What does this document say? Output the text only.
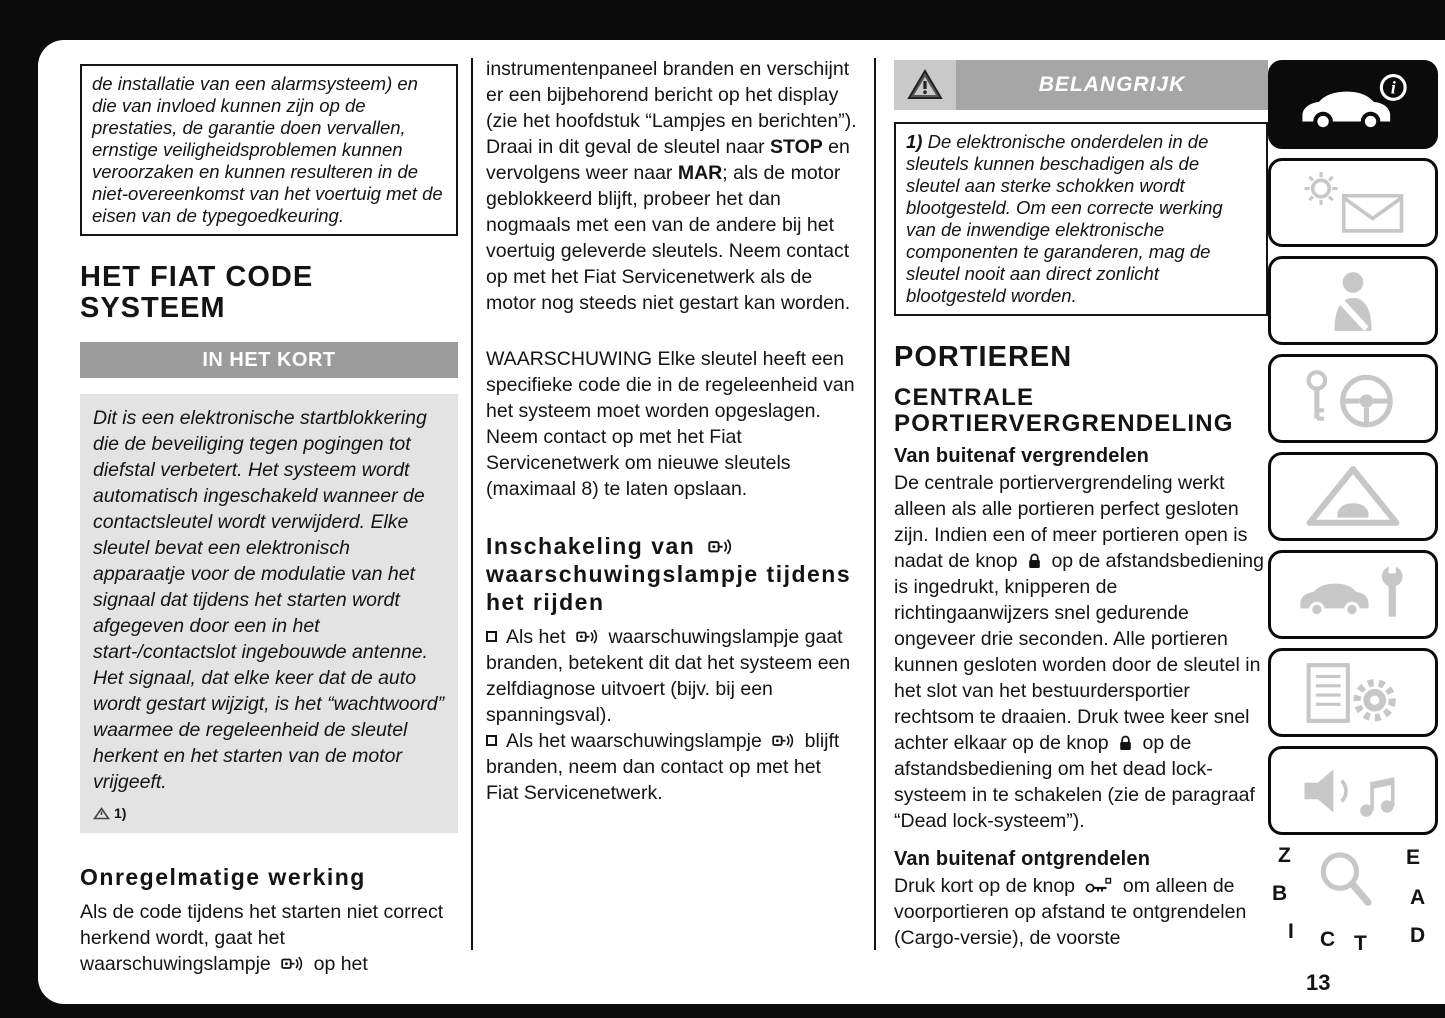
de installatie van een alarmsysteem) en die van invloed kunnen zijn op de prestaties, de garantie doen vervallen, ernstige veiligheidsproblemen kunnen veroorzaken en kunnen resulteren in de niet-overeenkomst van het voertuig met de eisen van de typegoedkeuring.
HET FIAT CODE SYSTEEM
IN HET KORT
Dit is een elektronische startblokkering die de beveiliging tegen pogingen tot diefstal verbetert. Het systeem wordt automatisch ingeschakeld wanneer de contactsleutel wordt verwijderd. Elke sleutel bevat een elektronisch apparaatje voor de modulatie van het signaal dat tijdens het starten wordt afgegeven door een in het start-/contactslot ingebouwde antenne. Het signaal, dat elke keer dat de auto wordt gestart wijzigt, is het “wachtwoord” waarmee de regeleenheid de sleutel herkent en het starten van de motor vrijgeeft.
1)
Onregelmatige werking

Als de code tijdens het starten niet correct herkend wordt, gaat het waarschuwingslampje op het

instrumentenpaneel branden en verschijnt er een bijbehorend bericht op het display (zie het hoofdstuk “Lampjes en berichten”).

Draai in dit geval de sleutel naar STOP en vervolgens weer naar MAR; als de motor geblokkeerd blijft, probeer het dan nogmaals met een van de andere bij het voertuig geleverde sleutels. Neem contact op met het Fiat Servicenetwerk als de motor nog steeds niet gestart kan worden.

WAARSCHUWING Elke sleutel heeft een specifieke code die in de regeleenheid van het systeem moet worden opgeslagen. Neem contact op met het Fiat Servicenetwerk om nieuwe sleutels (maximaal 8) te laten opslaan.

Inschakeling van  waarschuwingslampje tijdens het rijden

Als het waarschuwingslampje gaat branden, betekent dit dat het systeem een zelfdiagnose uitvoert (bijv. bij een spanningsval).

Als het waarschuwingslampje blijft branden, neem dan contact op met het Fiat Servicenetwerk.

BELANGRIJK
1) De elektronische onderdelen in de sleutels kunnen beschadigen als de sleutel aan sterke schokken wordt blootgesteld. Om een correcte werking van de inwendige elektronische componenten te garanderen, mag de sleutel nooit aan direct zonlicht blootgesteld worden.
PORTIEREN
CENTRALE PORTIERVERGRENDELING
Van buitenaf vergrendelen

De centrale portiervergrendeling werkt alleen als alle portieren perfect gesloten zijn. Indien een of meer portieren open is nadat de knop op de afstandsbediening is ingedrukt, knipperen de richtingaanwijzers snel gedurende ongeveer drie seconden. Alle portieren kunnen gesloten worden door de sleutel in het slot van het bestuurdersportier rechtsom te draaien. Druk twee keer snel achter elkaar op de knop op de afstandsbediening om het dead lock-systeem in te schakelen (zie de paragraaf “Dead lock-systeem”).

Van buitenaf ontgrendelen

Druk kort op de knop om alleen de voorportieren op afstand te ontgrendelen (Cargo-versie), de voorste

i
Z	E
B	A
I C T D
13
